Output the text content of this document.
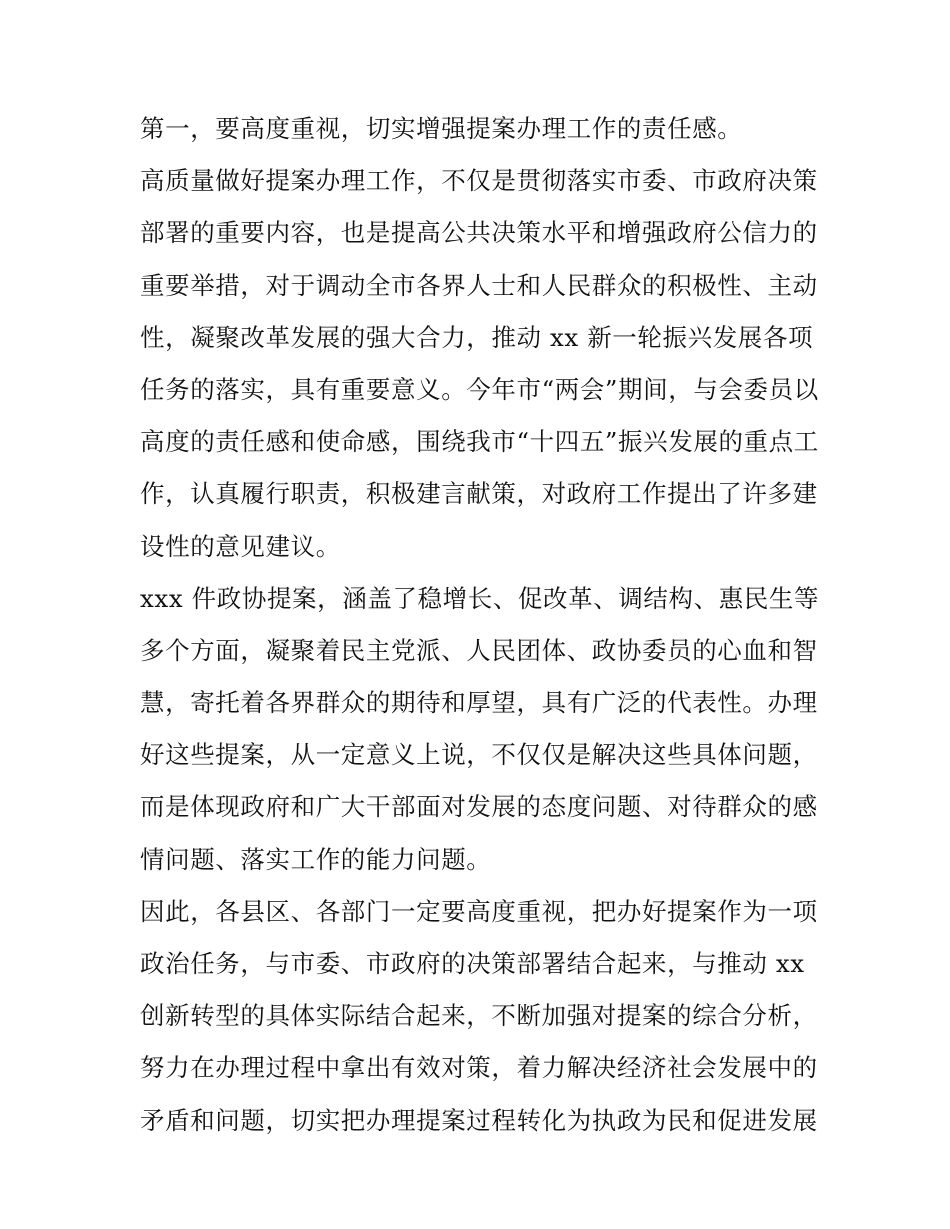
第一，要高度重视，切实增强提案办理工作的责任感。
高质量做好提案办理工作，不仅是贯彻落实市委、市政府决策
部署的重要内容，也是提高公共决策水平和增强政府公信力的
重要举措，对于调动全市各界人士和人民群众的积极性、主动
性，凝聚改革发展的强大合力，推动 xx 新一轮振兴发展各项
任务的落实，具有重要意义。今年市“两会”期间，与会委员以
高度的责任感和使命感，围绕我市“十四五”振兴发展的重点工
作，认真履行职责，积极建言献策，对政府工作提出了许多建
设性的意见建议。
xxx 件政协提案，涵盖了稳增长、促改革、调结构、惠民生等
多个方面，凝聚着民主党派、人民团体、政协委员的心血和智
慧，寄托着各界群众的期待和厚望，具有广泛的代表性。办理
好这些提案，从一定意义上说，不仅仅是解决这些具体问题，
而是体现政府和广大干部面对发展的态度问题、对待群众的感
情问题、落实工作的能力问题。
因此，各县区、各部门一定要高度重视，把办好提案作为一项
政治任务，与市委、市政府的决策部署结合起来，与推动 xx
创新转型的具体实际结合起来，不断加强对提案的综合分析，
努力在办理过程中拿出有效对策，着力解决经济社会发展中的
矛盾和问题，切实把办理提案过程转化为执政为民和促进发展
